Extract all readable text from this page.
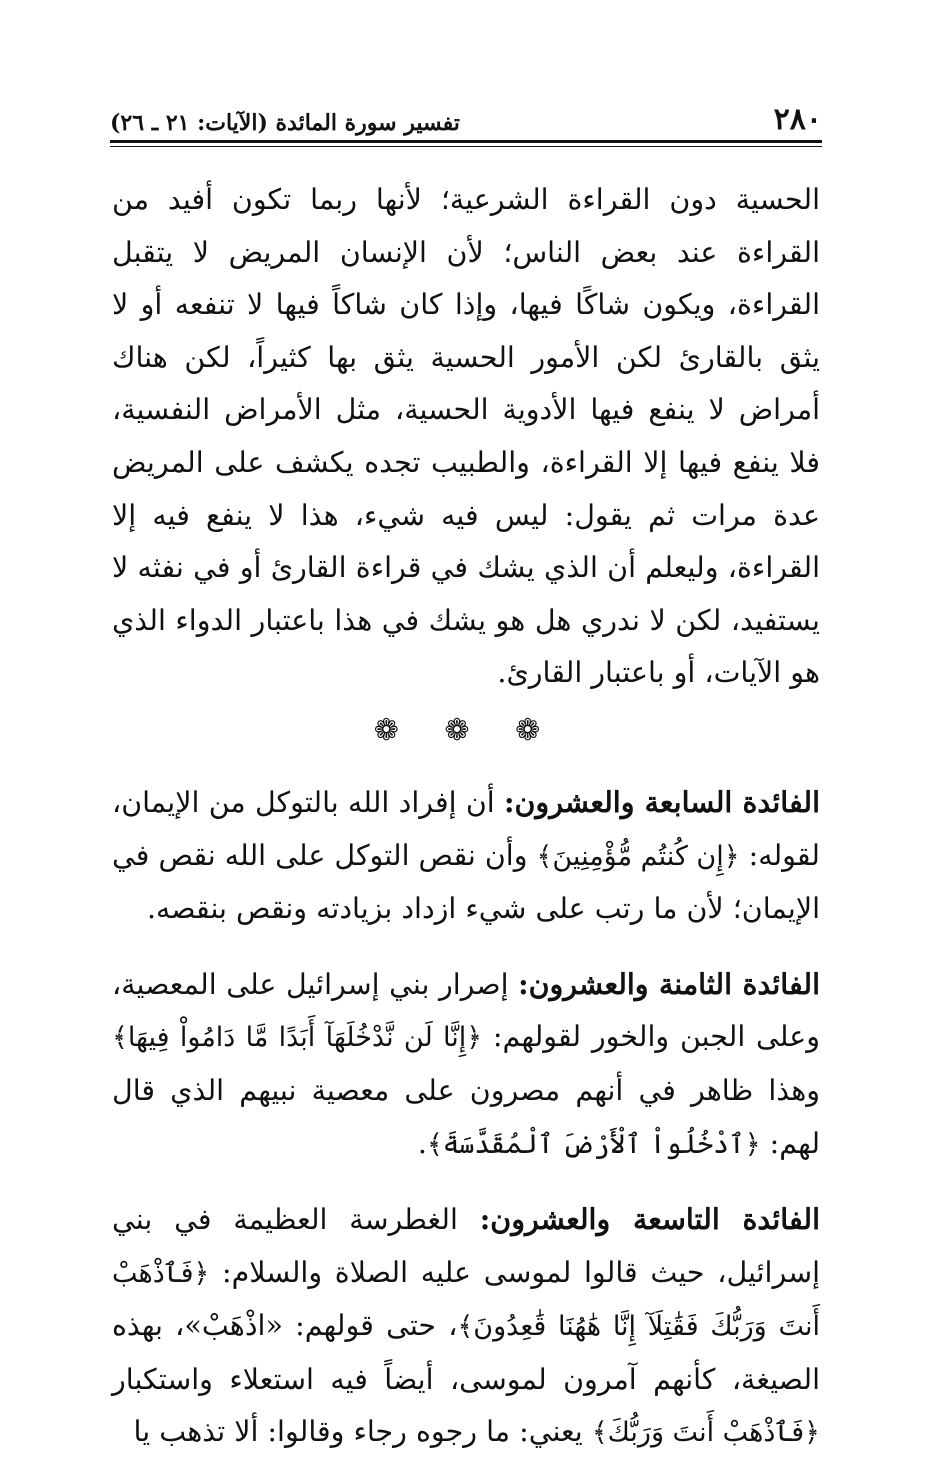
٢٨٠
تفسير سورة المائدة (الآيات: ٢١ ـ ٢٦)

الحسية دون القراءة الشرعية؛ لأنها ربما تكون أفيد من القراءة عند بعض الناس؛ لأن الإنسان المريض لا يتقبل القراءة، ويكون شاكًا فيها، وإذا كان شاكاً فيها لا تنفعه أو لا يثق بالقارئ لكن الأمور الحسية يثق بها كثيراً، لكن هناك أمراض لا ينفع فيها الأدوية الحسية، مثل الأمراض النفسية، فلا ينفع فيها إلا القراءة، والطبيب تجده يكشف على المريض عدة مرات ثم يقول: ليس فيه شيء، هذا لا ينفع فيه إلا القراءة، وليعلم أن الذي يشك في قراءة القارئ أو في نفثه لا يستفيد، لكن لا ندري هل هو يشك في هذا باعتبار الدواء الذي هو الآيات، أو باعتبار القارئ.

❁ ❁ ❁

الفائدة السابعة والعشرون: أن إفراد الله بالتوكل من الإيمان، لقوله: ﴿إِن كُنتُم مُّؤْمِنِينَ﴾ وأن نقص التوكل على الله نقص في الإيمان؛ لأن ما رتب على شيء ازداد بزيادته ونقص بنقصه.

الفائدة الثامنة والعشرون: إصرار بني إسرائيل على المعصية، وعلى الجبن والخور لقولهم: ﴿إِنَّا لَن نَّدْخُلَهَآ أَبَدًا مَّا دَامُواْ فِيهَا﴾ وهذا ظاهر في أنهم مصرون على معصية نبيهم الذي قال لهم: ﴿ٱدْخُلُواْ ٱلْأَرْضَ ٱلْمُقَدَّسَةَ﴾.

الفائدة التاسعة والعشرون: الغطرسة العظيمة في بني إسرائيل، حيث قالوا لموسى عليه الصلاة والسلام: ﴿فَٱذْهَبْ أَنتَ وَرَبُّكَ فَقَٰتِلَآ إِنَّا هَٰهُنَا قَٰعِدُونَ﴾، حتى قولهم: «اذْهَبْ»، بهذه الصيغة، كأنهم آمرون لموسى، أيضاً فيه استعلاء واستكبار ﴿فَٱذْهَبْ أَنتَ وَرَبُّكَ﴾ يعني: ما رجوه رجاء وقالوا: ألا تذهب يا
